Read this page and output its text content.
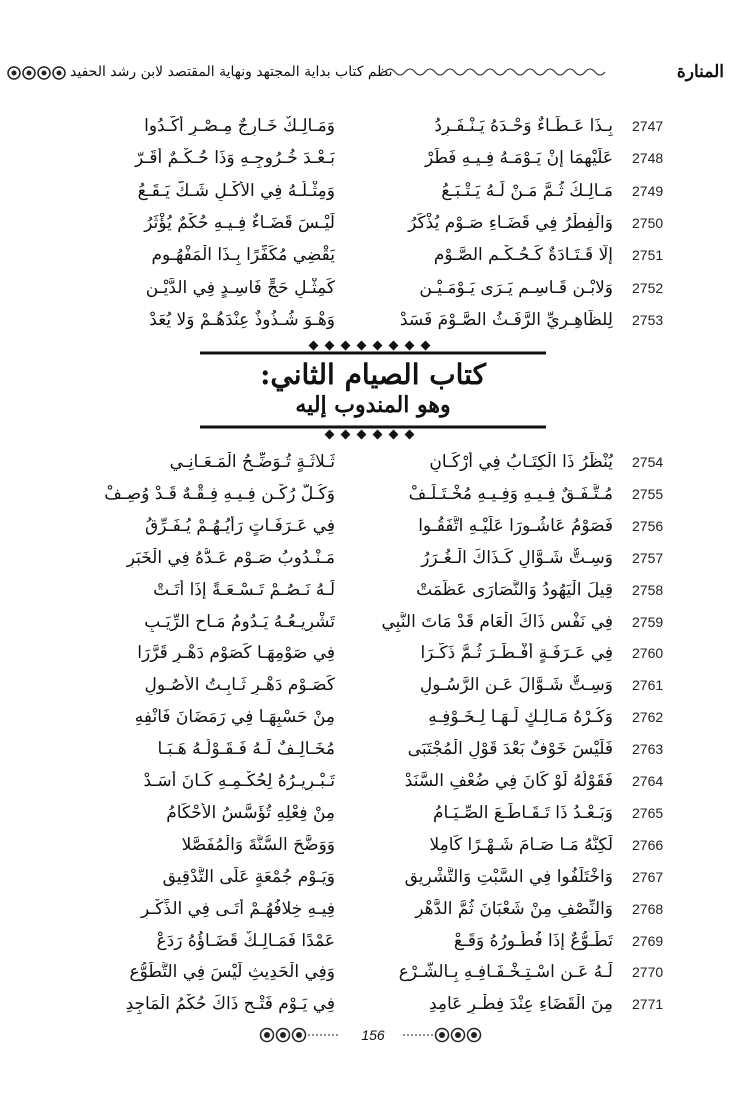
المنارة
نظم كتاب بداية المجتهد ونهاية المقتصد لابن رشد الحفيد
2747
بِـذَا عَـطَـاءٌ وَحْـدَهُ يَـنْـفَـرِدُ
وَمَـالِـكٌ خَـارِجٌ مِـصْـرٍ أَكَّـدُوا
2748
عَلَيْهِمَا إِنْ يَـوْمَـهُ فِـيـهِ فَطَرْ
بَـعْـدَ خُـرُوجِـهِ وَذَا حُـكْـمٌ أَقَـرّ
2749
مَـالِـكُ ثُـمَّ مَـنْ لَـهُ يَـتْـبَـعُ
وَمِثْـلُـهُ فِي الأَكْـلِ شَـكٌّ يَـقَـعُ
2750
وَالْفِطْرُ فِي قَضَـاءِ صَـوْمٍ يُذْكَرُ
لَيْـسَ قَضَـاءٌ فِـيـهِ حُكْمٌ يُؤْثَرُ
2751
إِلَّا قَـتَـادَةٌ كَـحُـكْـمِ الصَّـوْمِ
يَقْضِي مُكَفِّرًا بِـذَا الْمَفْهُـومِ
2752
وَلابْـنِ قَـاسِـمٍ يَـرَى يَـوْمَـيْـنِ
كَمِثْـلِ حَجٍّ فَاسِـدٍ فِي الدَّيْـنِ
2753
لِلظَّاهِـرِيِّ الرَّفَـثُ الصَّـوْمَ فَسَدْ
وَهْـوَ شُـذُوذٌ عِنْدَهُـمْ وَلا يُعَدْ
كتاب الصيام الثاني:
وهو المندوب إليه
2754
يُنْظَرُ ذَا الْكِتَـابُ فِي أَرْكَـانِ
ثَـلاثَـةٍ تُـوَضِّـحُ الْمَـعَـانِـي
2755
مُـتَّـفَـقٌ فِـيـهِ وَفِـيـهِ مُخْـتَـلَـفْ
وَكُـلُّ رُكْـنٍ فِـيـهِ فِـقْـهٌ قَـدْ وُصِـفْ
2756
فَصَوْمُ عَاشُـورَا عَلَيْـهِ اتَّفَقُـوا
فِي عَـرَفَـاتٍ رَأْيُـهُـمْ يُـفَـرِّقُ
2757
وَسِـتٌّ شَـوَّالٍ كَـذَاكَ الْـغُـرَرُ
مَـنْـدُوبُ صَـوْمٍ عَـدُّهُ فِي الْخَبَرِ
2758
قِيلَ الْيَهُودُ وَالنَّصَارَى عَظَّمَتْ
لَـهُ نَـصُـمْ تَـسْـعَـةً إِذَا أَتَـتْ
2759
فِي نَفْسِ ذَاكَ الْعَامِ قَدْ مَاتَ النَّبِي
تَشْرِيـعُـهُ يَـدُومُ مَـاحِ الرِّيَـبِ
2760
فِي عَـرَفَـةٍ أَفْـطَـرَ ثُـمَّ ذَكَّـرَا
فِي صَوْمِهَـا كَصَوْمِ دَهْـرٍ قَرَّرَا
2761
وَسِـتٌّ شَـوَّالَ عَـنِ الرَّسُـولِ
كَصَـوْمِ دَهْـرٍ ثَـابِـتُ الأُصُـولِ
2762
وَكُـرْهُ مَـالِـكٍ لَـهَـا لِـخَـوْفِـهِ
مِنْ حَسْبِهَـا فِي رَمَضَانَ فَانْفِهِ
2763
فَلَيْسَ خَوْفٌ بَعْدَ قَوْلِ الْمُجْتَبَى
مُخَـالِـفٌ لَـهُ فَـقَـوْلُـهُ هَـبَـا
2764
فَقَوْلُهُ لَوْ كَانَ فِي ضُعْفِ السَّنَدْ
تَـبْـرِيـرُهُ لِحُكْـمِـهِ كَـانَ أَسَـدْ
2765
وَبَـعْـدُ ذَا تَـقَـاطَـعَ الصِّـيَـامُ
مِنْ فِعْلِهِ تُؤَسَّسُ الأَحْكَامُ
2766
لَكِنَّهُ مَـا صَـامَ شَـهْـرًا كَامِلا
وَوَضَّحَ السُّنَّةَ وَالْمُفَصَّلا
2767
وَاخْتَلَفُوا فِي السَّبْتِ وَالتَّشْرِيقِ
وَيَـوْمِ جُمْعَةٍ عَلَى التَّدْقِيقِ
2768
وَالنِّصْفِ مِنْ شَعْبَانَ ثُمَّ الدَّهْرِ
فِيـهِ خِلافُهُـمْ أَتَـى فِي الذِّكْـرِ
2769
تَطَـوُّعٌ إِذَا فُطُـورُهُ وَقَـعْ
عَمْدًا فَمَـالِـكٌ قَضَـاؤُهُ رَدَعْ
2770
لَـهُ عَـنِ اسْـتِـخْـفَـافِـهِ بِـالشَّـرْعِ
وَفِي الْحَدِيثِ لَيْسَ فِي التَّطَوُّعِ
2771
مِنَ الْقَضَاءِ عِنْدَ فِطْـرٍ عَامِدِ
فِي يَـوْمِ فَتْـحٍ ذَاكَ حُكْمُ الْمَاجِدِ
156
